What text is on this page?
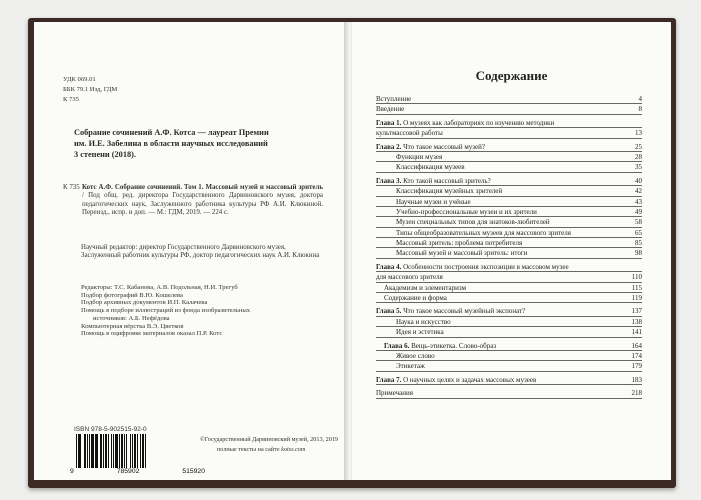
УДК 069.01
ББК 79.1 Изд, ГДМ
К 735
Собрание сочинений А.Ф. Котса — лауреат Премии
им. И.Е. Забелина в области научных исследований
3 степени (2018).
К 735 Котс А.Ф. Собрание сочинений. Том 1. Массовый музей и массовый зритель / Под общ. ред. директора Государственного Дарвиновского музея, доктора педагогических наук, Заслуженного работника культуры РФ А.И. Клюкиной. Переизд., испр. и доп. — М.: ГДМ, 2019. — 224 с.
Научный редактор: директор Государственного Дарвиновского музея, Заслуженный работник культуры РФ, доктор педагогических наук А.И. Клюкина
Редакторы: Т.С. Кабанова, А.В. Подольная, Н.И. Трегуб
Подбор фотографий В.Ю. Кошелева
Подбор архивных документов И.П. Калачева
Помощь в подборе иллюстраций из фонда изобразительных
источников: А.Б. Нефёдова
Компьютерная вёрстка В.Э. Цветков
Помощь в оцифровке материалов оказал П.Р. Котс
ISBN 978-5-902515-92-0
9	785902	515920
©Государственный Дарвиновский музей, 2013, 2019
полные тексты на сайте kotss.com
Содержание
Вступление	4
Введение	8
Глава 1. О музеях как лабораториях по изучению методики
культмассовой работы	13
Глава 2. Что такое массовый музей?	25
Функции музея	28
Классификация музеев	35
Глава 3. Кто такой массовый зритель?	40
Классификация музейных зрителей	42
Научные музеи и учёные	43
Учебно-профессиональные музеи и их зрители	49
Музеи специальных типов для знатоков-любителей	58
Типы общеобразовательных музеев для массового зрителя	65
Массовый зритель: проблема потребителя	85
Массовый музей и массовый зритель: итоги	98
Глава 4. Особенности построения экспозиции в массовом музее
для массового зрителя	110
Академизм и элементаризм	115
Содержание и форма	119
Глава 5. Что такое массовый музейный экспонат?	137
Наука и искусство	138
Идея и эстетика	141
Глава 6. Вещь-этикетка. Слово-образ	164
Живое слово	174
Этикетаж	179
Глава 7. О научных целях и задачах массовых музеев	183
Примечания	218
